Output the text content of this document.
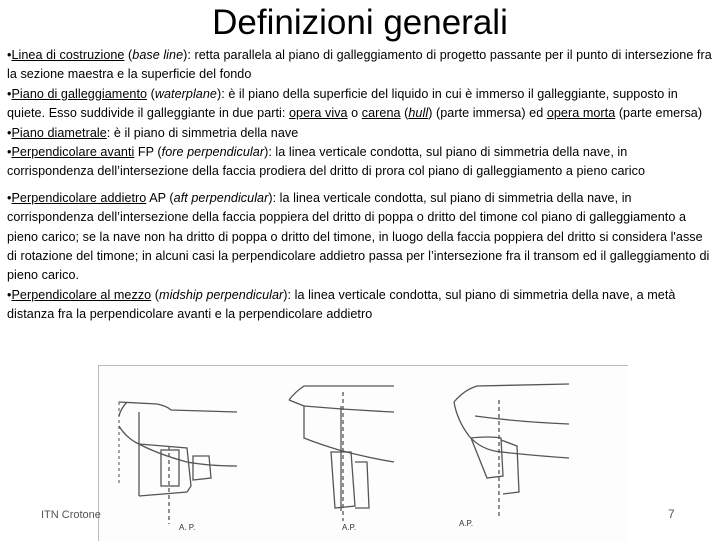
Definizioni generali

•Linea di costruzione (base line): retta parallela al piano di galleggiamento di progetto passante per il punto di intersezione fra la sezione maestra e la superficie del fondo

•Piano di galleggiamento (waterplane): è il piano della superficie del liquido in cui è immerso il galleggiante, supposto in quiete. Esso suddivide il galleggiante in due parti: opera viva o carena (hull) (parte immersa) ed opera morta (parte emersa)

•Piano diametrale: è il piano di simmetria della nave

•Perpendicolare avanti FP (fore perpendicular): la linea verticale condotta, sul piano di simmetria della nave, in corrispondenza dell’intersezione della faccia prodiera del dritto di prora col piano di galleggiamento a pieno carico

•Perpendicolare addietro AP (aft perpendicular): la linea verticale condotta, sul piano di simmetria della nave, in corrispondenza dell’intersezione della faccia poppiera del dritto di poppa o dritto del timone col piano di galleggiamento a pieno carico; se la nave non ha dritto di poppa o dritto del timone, in luogo della faccia poppiera del dritto si considera l'asse di rotazione del timone; in alcuni casi la perpendicolare addietro passa per l’intersezione fra il transom ed il galleggiamento di pieno carico.

•Perpendicolare al mezzo (midship perpendicular): la linea verticale condotta, sul piano di simmetria della nave, a metà distanza fra la perpendicolare avanti e la perpendicolare addietro

A. P.	A.P.	A.P.
ITN Crotone	7
